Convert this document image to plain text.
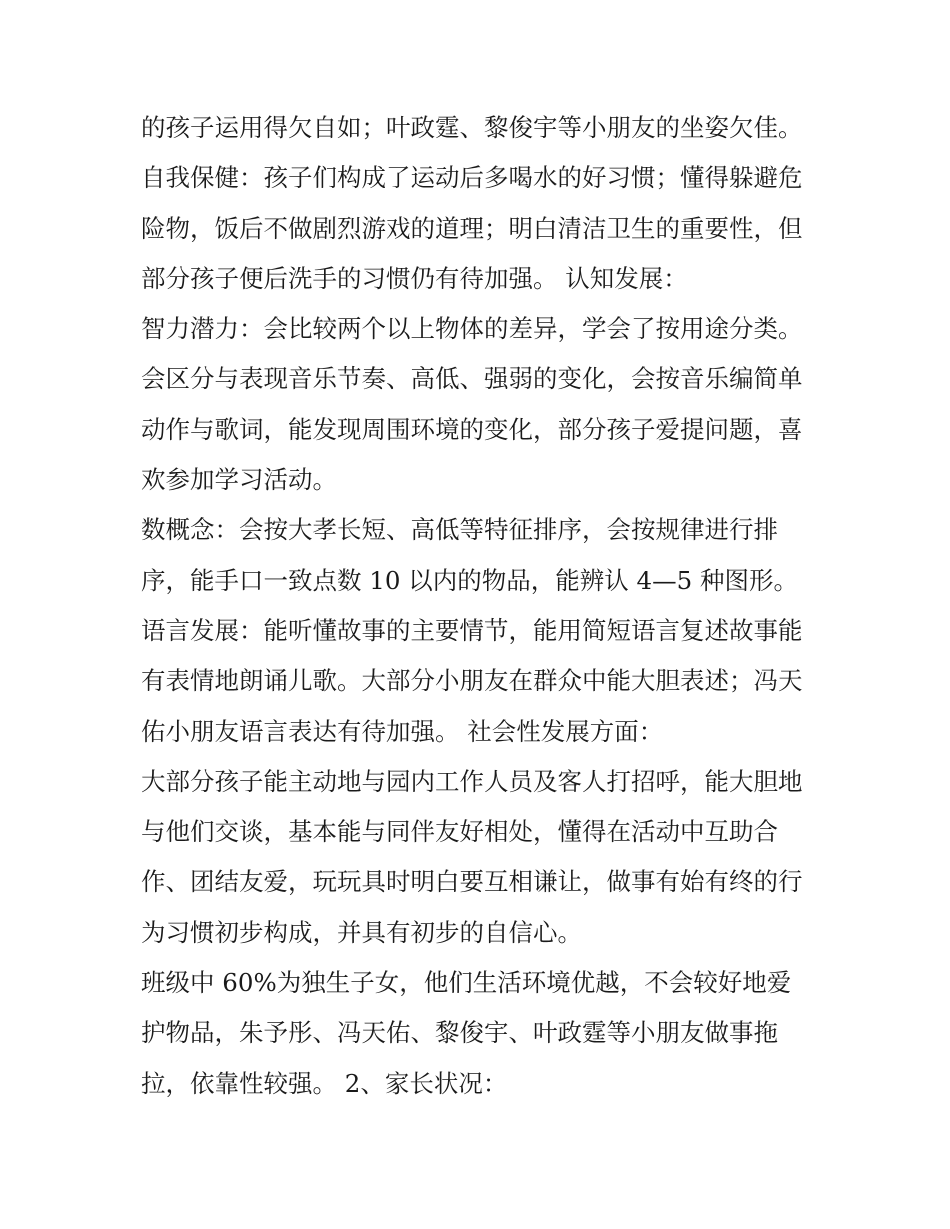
的孩子运用得欠自如；叶政霆、黎俊宇等小朋友的坐姿欠佳。
自我保健：孩子们构成了运动后多喝水的好习惯；懂得躲避危
险物，饭后不做剧烈游戏的道理；明白清洁卫生的重要性，但
部分孩子便后洗手的习惯仍有待加强。 认知发展：
智力潜力：会比较两个以上物体的差异，学会了按用途分类。
会区分与表现音乐节奏、高低、强弱的变化，会按音乐编简单
动作与歌词，能发现周围环境的变化，部分孩子爱提问题，喜
欢参加学习活动。
数概念：会按大孝长短、高低等特征排序，会按规律进行排
序，能手口一致点数 10 以内的物品，能辨认 4—5 种图形。
语言发展：能听懂故事的主要情节，能用简短语言复述故事能
有表情地朗诵儿歌。大部分小朋友在群众中能大胆表述；冯天
佑小朋友语言表达有待加强。 社会性发展方面：
大部分孩子能主动地与园内工作人员及客人打招呼，能大胆地
与他们交谈，基本能与同伴友好相处，懂得在活动中互助合
作、团结友爱，玩玩具时明白要互相谦让，做事有始有终的行
为习惯初步构成，并具有初步的自信心。
班级中 60%为独生子女，他们生活环境优越，不会较好地爱
护物品，朱予彤、冯天佑、黎俊宇、叶政霆等小朋友做事拖
拉，依靠性较强。 2、家长状况：
